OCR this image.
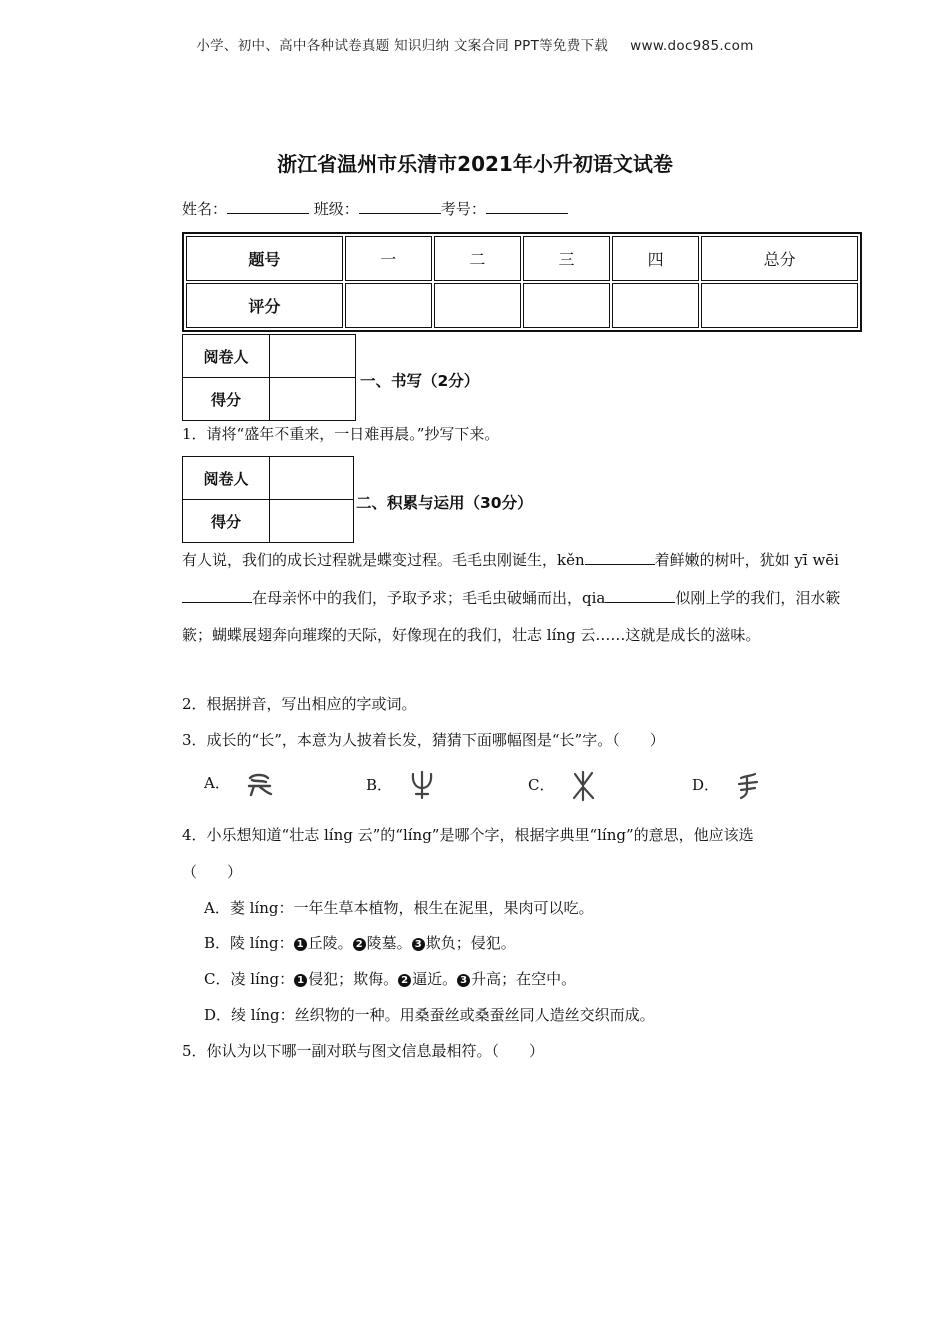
小学、初中、高中各种试卷真题 知识归纳 文案合同 PPT等免费下载 www.doc985.com
浙江省温州市乐清市2021年小升初语文试卷
姓名：	班级：	考号：
题号	一	二	三	四	总分
评分					
阅卷人	
得分	
一、书写（2分）
1．请将“盛年不重来，一日难再晨。”抄写下来。
阅卷人	
得分	
二、积累与运用（30分）
有人说，我们的成长过程就是蝶变过程。毛毛虫刚诞生，kěn	着鲜嫩的树叶，犹如 yī wēi在母亲怀中的我们，予取予求；毛毛虫破蛹而出，qia	似刚上学的我们，泪水簌簌；蝴蝶展翅奔向璀璨的天际，好像现在的我们，壮志 líng 云……这就是成长的滋味。
2．根据拼音，写出相应的字或词。
3．成长的“长”，本意为人披着长发，猜猜下面哪幅图是“长”字。（　　）
A．	B．	C．	D．
4．小乐想知道“壮志 líng 云”的“líng”是哪个字，根据字典里“líng”的意思，他应该选
（　　）
A．菱 líng：一年生草本植物，根生在泥里，果肉可以吃。
B．陵 líng： 1 丘陵。 2 陵墓。 3 欺负；侵犯。
C．凌 líng： 1 侵犯；欺侮。 2 逼近。 3 升高；在空中。
D．绫 líng：丝织物的一种。用桑蚕丝或桑蚕丝同人造丝交织而成。
5．你认为以下哪一副对联与图文信息最相符。（　　）
